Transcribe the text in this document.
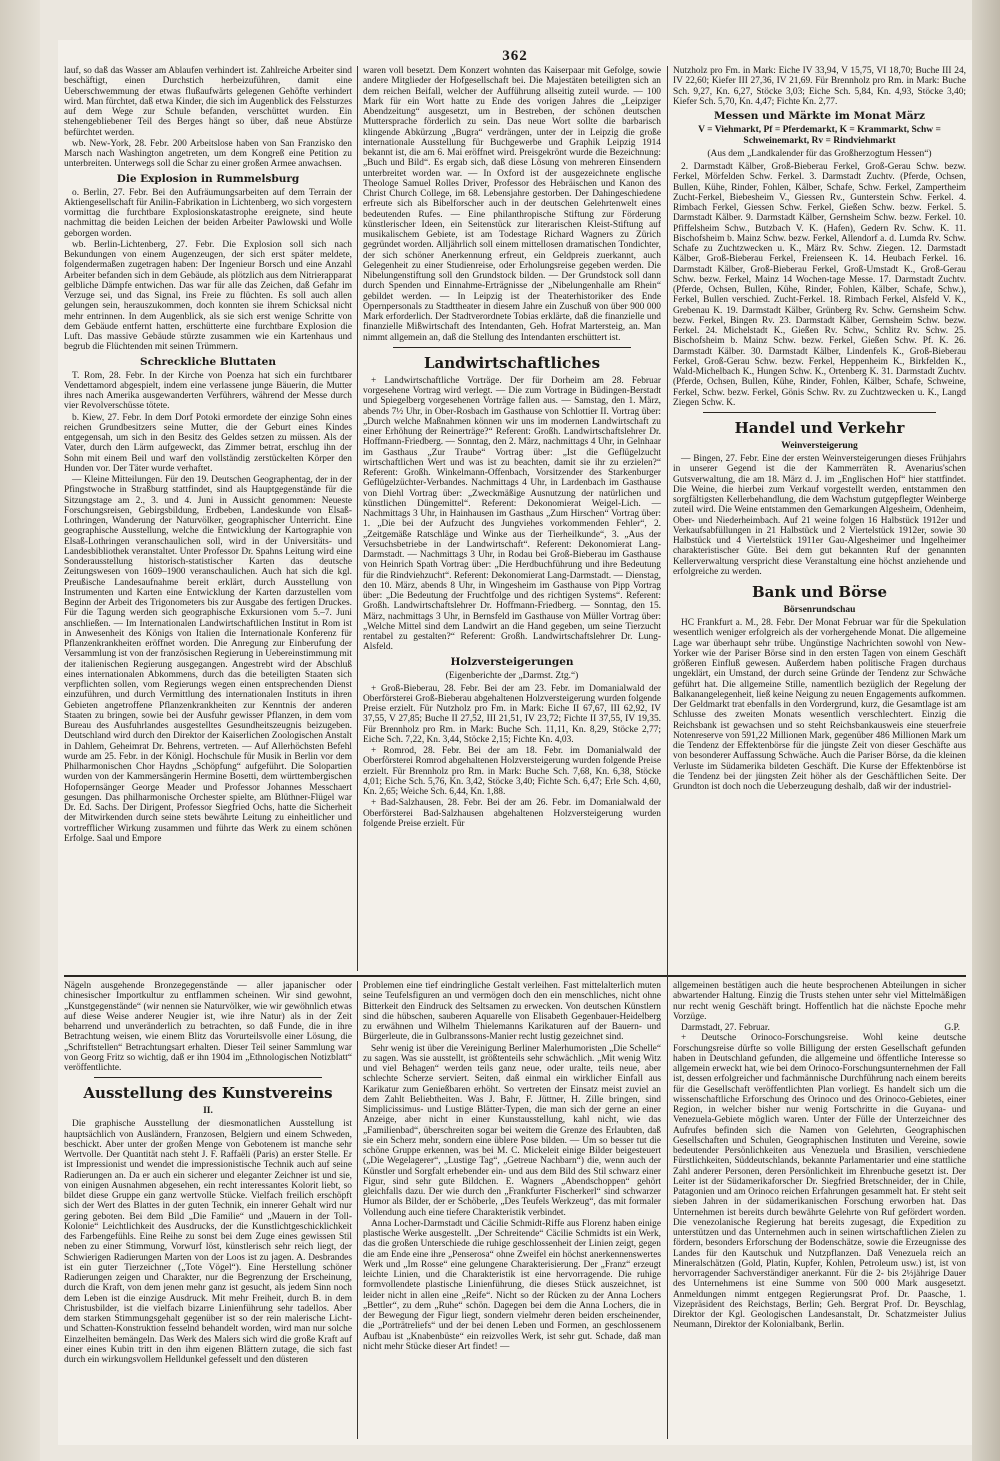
362

lauf, so daß das Wasser am Ablaufen verhindert ist. Zahlreiche Arbeiter sind beschäftigt, einen Durchstich herbeizuführen, damit eine Ueberschwemmung der etwas flußaufwärts gelegenen Gehöfte verhindert wird. Man fürchtet, daß etwa Kinder, die sich im Augenblick des Felssturzes auf dem Wege zur Schule befanden, verschüttet wurden. Ein stehengebliebener Teil des Berges hängt so über, daß neue Abstürze befürchtet werden.

wb. New-York, 28. Febr. 200 Arbeitslose haben von San Franzisko den Marsch nach Washington angetreten, um dem Kongreß eine Petition zu unterbreiten. Unterwegs soll die Schar zu einer großen Armee anwachsen.

Die Explosion in Rummelsburg

o. Berlin, 27. Febr. Bei den Aufräumungsarbeiten auf dem Terrain der Aktiengesellschaft für Anilin-Fabrikation in Lichtenberg, wo sich vorgestern vormittag die furchtbare Explosionskatastrophe ereignete, sind heute nachmittag die beiden Leichen der beiden Arbeiter Pawlowski und Wolle geborgen worden.

wb. Berlin-Lichtenberg, 27. Febr. Die Explosion soll sich nach Bekundungen von einem Augenzeugen, der sich erst später meldete, folgendermaßen zugetragen haben: Der Ingenieur Borsch und eine Anzahl Arbeiter befanden sich in dem Gebäude, als plötzlich aus dem Nitrierapparat gelbliche Dämpfe entwichen. Das war für alle das Zeichen, daß Gefahr im Verzuge sei, und das Signal, ins Freie zu flüchten. Es soll auch allen gelungen sein, herauszukommen, doch konnten sie ihrem Schicksal nicht mehr entrinnen. In dem Augenblick, als sie sich erst wenige Schritte von dem Gebäude entfernt hatten, erschütterte eine furchtbare Explosion die Luft. Das massive Gebäude stürzte zusammen wie ein Kartenhaus und begrub die Flüchtenden mit seinen Trümmern.

Schreckliche Bluttaten

T. Rom, 28. Febr. In der Kirche von Poenza hat sich ein furchtbarer Vendettamord abgespielt, indem eine verlassene junge Bäuerin, die Mutter ihres nach Amerika ausgewanderten Verführers, während der Messe durch vier Revolverschüsse tötete.

b. Kiew, 27. Febr. In dem Dorf Potoki ermordete der einzige Sohn eines reichen Grundbesitzers seine Mutter, die der Geburt eines Kindes entgegensah, um sich in den Besitz des Geldes setzen zu müssen. Als der Vater, durch den Lärm aufgeweckt, das Zimmer betrat, erschlug ihn der Sohn mit einem Beil und warf den vollständig zerstückelten Körper den Hunden vor. Der Täter wurde verhaftet.

— Kleine Mitteilungen. Für den 19. Deutschen Geographentag, der in der Pfingstwoche in Straßburg stattfindet, sind als Hauptgegenstände für die Sitzungstage am 2., 3. und 4. Juni in Aussicht genommen: Neueste Forschungsreisen, Gebirgsbildung, Erdbeben, Landeskunde von Elsaß-Lothringen, Wanderung der Naturvölker, geographischer Unterricht. Eine geographische Ausstellung, welche die Entwicklung der Kartographie von Elsaß-Lothringen veranschaulichen soll, wird in der Universitäts- und Landesbibliothek veranstaltet. Unter Professor Dr. Spahns Leitung wird eine Sonderausstellung historisch-statistischer Karten das deutsche Zeitungswesen von 1609–1900 veranschaulichen. Auch hat sich die kgl. Preußische Landesaufnahme bereit erklärt, durch Ausstellung von Instrumenten und Karten eine Entwicklung der Karten darzustellen vom Beginn der Arbeit des Trigonometers bis zur Ausgabe des fertigen Druckes. Für die Tagung werden sich geographische Exkursionen vom 5.–7. Juni anschließen. — Im Internationalen Landwirtschaftlichen Institut in Rom ist in Anwesenheit des Königs von Italien die Internationale Konferenz für Pflanzenkrankheiten eröffnet worden. Die Anregung zur Einberufung der Versammlung ist von der französischen Regierung in Uebereinstimmung mit der italienischen Regierung ausgegangen. Angestrebt wird der Abschluß eines internationalen Abkommens, durch das die beteiligten Staaten sich verpflichten sollen, vom Regierungs wegen einen entsprechenden Dienst einzuführen, und durch Vermittlung des internationalen Instituts in ihren Gebieten angetroffene Pflanzenkrankheiten zur Kenntnis der anderen Staaten zu bringen, sowie bei der Ausfuhr gewisser Pflanzen, in dem vom Bureau des Ausfuhrlandes ausgestelltes Gesundheitszeugnis beizugeben. Deutschland wird durch den Direktor der Kaiserlichen Zoologischen Anstalt in Dahlem, Geheimrat Dr. Behrens, vertreten. — Auf Allerhöchsten Befehl wurde am 25. Febr. in der Königl. Hochschule für Musik in Berlin vor dem Philharmonischen Chor Haydns „Schöpfung“ aufgeführt. Die Solopartien wurden von der Kammersängerin Hermine Bosetti, dem württembergischen Hofopernsänger George Meader und Professor Johannes Messchaert gesungen. Das philharmonische Orchester spielte, am Blüthner-Flügel war Dr. Ed. Sachs. Der Dirigent, Professor Siegfried Ochs, hatte die Sicherheit der Mitwirkenden durch seine stets bewährte Leitung zu einheitlicher und vortrefflicher Wirkung zusammen und führte das Werk zu einem schönen Erfolge. Saal und Empore

waren voll besetzt. Dem Konzert wohnten das Kaiserpaar mit Gefolge, sowie andere Mitglieder der Hofgesellschaft bei. Die Majestäten beteiligten sich an dem reichen Beifall, welcher der Aufführung allseitig zuteil wurde. — 100 Mark für ein Wort hatte zu Ende des vorigen Jahres die „Leipziger Abendzeitung“ ausgesetzt, um in Bestreben, der schönen deutschen Muttersprache förderlich zu sein. Das neue Wort sollte die barbarisch klingende Abkürzung „Bugra“ verdrängen, unter der in Leipzig die große internationale Ausstellung für Buchgewerbe und Graphik Leipzig 1914 bekannt ist, die am 6. Mai eröffnet wird. Preisgekrönt wurde die Bezeichnung: „Buch und Bild“. Es ergab sich, daß diese Lösung von mehreren Einsendern unterbreitet worden war. — In Oxford ist der ausgezeichnete englische Theologe Samuel Rolles Driver, Professor des Hebräischen und Kanon des Christ Church College, im 68. Lebensjahre gestorben. Der Dahingeschiedene erfreute sich als Bibelforscher auch in der deutschen Gelehrtenwelt eines bedeutenden Rufes. — Eine philanthropische Stiftung zur Förderung künstlerischer Ideen, ein Seitenstück zur literarischen Kleist-Stiftung auf musikalischem Gebiete, ist am Todestage Richard Wagners zu Zürich gegründet worden. Alljährlich soll einem mittellosen dramatischen Tondichter, der sich schöner Anerkennung erfreut, ein Geldpreis zuerkannt, auch Gelegenheit zu einer Studienreise, oder Erholungsreise gegeben werden. Die Nibelungenstiftung soll den Grundstock bilden. — Der Grundstock soll dann durch Spenden und Einnahme-Erträgnisse der „Nibelungenhalle am Rhein“ gebildet werden. — In Leipzig ist der Theaterhistoriker des Ende Opernpersonals zu Stadttheater in diesem Jahre ein Zuschuß von über 900 000 Mark erforderlich. Der Stadtverordnete Tobias erklärte, daß die finanzielle und finanzielle Mißwirtschaft des Intendanten, Geh. Hofrat Martersteig, an. Man nimmt allgemein an, daß die Stellung des Intendanten erschüttert ist.

Landwirtschaftliches

+ Landwirtschaftliche Vorträge. Der für Dorheim am 28. Februar vorgesehene Vortrag wird verlegt. — Die zum Vortrage in Büdingen-Berstadt und Spiegelberg vorgesehenen Vorträge fallen aus. — Samstag, den 1. März, abends 7½ Uhr, in Ober-Rosbach im Gasthause von Schlottier II. Vortrag über: „Durch welche Maßnahmen können wir uns im modernen Landwirtschaft zu einer Erhöhung der Reinerträge?“ Referent: Großh. Landwirtschaftslehrer Dr. Hoffmann-Friedberg. — Sonntag, den 2. März, nachmittags 4 Uhr, in Gelnhaar im Gasthaus „Zur Traube“ Vortrag über: „Ist die Geflügelzucht wirtschaftlichen Wert und was ist zu beachten, damit sie ihr zu erzielen?“ Referent: Großh. Winkelmann-Offenbach, Vorsitzender des Starkenburger Geflügelzüchter-Verbandes. Nachmittags 4 Uhr, in Lardenbach im Gasthause von Diehl Vortrag über: „Zweckmäßige Ausnutzung der natürlichen und künstlichen Düngemittel“. Referent: Dekonomierat Weigel-Lich. — Nachmittags 3 Uhr, in Hainhausen im Gasthaus „Zum Hirschen“ Vortrag über: 1. „Die bei der Aufzucht des Jungviehes vorkommenden Fehler“, 2. „Zeitgemäße Ratschläge und Winke aus der Tierheilkunde“, 3. „Aus der Versuchsbetriebe in der Landwirtschaft“. Referent: Dekonomierat Lang-Darmstadt. — Nachmittags 3 Uhr, in Rodau bei Groß-Bieberau im Gasthause von Heinrich Spath Vortrag über: „Die Herdbuchführung und ihre Bedeutung für die Rindviehzucht“. Referent: Dekonomierat Lang-Darmstadt. — Dienstag, den 10. März, abends 8 Uhr, in Wingesheim im Gasthause von Pipp Vortrag über: „Die Bedeutung der Fruchtfolge und des richtigen Systems“. Referent: Großh. Landwirtschaftslehrer Dr. Hoffmann-Friedberg. — Sonntag, den 15. März, nachmittags 3 Uhr, in Bernsfeld im Gasthause von Müller Vortrag über: „Welche Mittel sind dem Landwirt an die Hand gegeben, um seine Tierzucht rentabel zu gestalten?“ Referent: Großh. Landwirtschaftslehrer Dr. Lung-Alsfeld.

Holzversteigerungen
(Eigenberichte der „Darmst. Ztg.“)

+ Groß-Bieberau, 28. Febr. Bei der am 23. Febr. im Domanialwald der Oberförsterei Groß-Bieberau abgehaltenen Holzversteigerung wurden folgende Preise erzielt. Für Nutzholz pro Fm. in Mark: Eiche II 67,67, III 62,92, IV 37,55, V 27,85; Buche II 27,52, III 21,51, IV 23,72; Fichte II 37,55, IV 19,35. Für Brennholz pro Rm. in Mark: Buche Sch. 11,11, Kn. 8,29, Stöcke 2,77; Eiche Sch. 7,22, Kn. 3,44, Stöcke 2,15; Fichte Kn. 4,03.

+ Romrod, 28. Febr. Bei der am 18. Febr. im Domanialwald der Oberförsterei Romrod abgehaltenen Holzversteigerung wurden folgende Preise erzielt. Für Brennholz pro Rm. in Mark: Buche Sch. 7,68, Kn. 6,38, Stöcke 4,01; Eiche Sch. 5,76, Kn. 3,42, Stöcke 3,40; Fichte Sch. 6,47; Erle Sch. 4,60, Kn. 2,65; Weiche Sch. 6,44, Kn. 1,88.

+ Bad-Salzhausen, 28. Febr. Bei der am 26. Febr. im Domanialwald der Oberförsterei Bad-Salzhausen abgehaltenen Holzversteigerung wurden folgende Preise erzielt. Für

Nutzholz pro Fm. in Mark: Eiche IV 33,94, V 15,75, VI 18,70; Buche III 24, IV 22,60; Kiefer III 27,36, IV 21,69. Für Brennholz pro Rm. in Mark: Buche Sch. 9,27, Kn. 6,27, Stöcke 3,03; Eiche Sch. 5,84, Kn. 4,93, Stöcke 3,40; Kiefer Sch. 5,70, Kn. 4,47; Fichte Kn. 2,77.

Messen und Märkte im Monat März
V = Viehmarkt, Pf = Pferdemarkt, K = Krammarkt, Schw = Schweinemarkt, Rv = Rindviehmarkt
(Aus dem „Landkalender für das Großherzogtum Hessen“)

2. Darmstadt Kälber, Groß-Bieberau Ferkel, Groß-Gerau Schw. bezw. Ferkel, Mörfelden Schw. Ferkel. 3. Darmstadt Zuchtv. (Pferde, Ochsen, Bullen, Kühe, Rinder, Fohlen, Kälber, Schafe, Schw. Ferkel, Zampertheim Zucht-Ferkel, Biebesheim V., Giessen Rv., Gunterstein Schw. Ferkel. 4. Rimbach Ferkel, Giessen Schw. Ferkel, Gießen Schw. bezw. Ferkel. 5. Darmstadt Kälber. 9. Darmstadt Kälber, Gernsheim Schw. bezw. Ferkel. 10. Pfiffelsheim Schw., Butzbach V. K. (Hafen), Gedern Rv. Schw. K. 11. Bischofsheim b. Mainz Schw. bezw. Ferkel, Allendorf a. d. Lumda Rv. Schw. Schafe zu Zuchtzwecken u. K., März Rv. Schw. Ziegen. 12. Darmstadt Kälber, Groß-Bieberau Ferkel, Freienseen K. 14. Heubach Ferkel. 16. Darmstadt Kälber, Groß-Bieberau Ferkel, Groß-Umstadt K., Groß-Gerau Schw. bezw. Ferkel, Mainz 14 Wochen-tage Messe. 17. Darmstadt Zuchtv. (Pferde, Ochsen, Bullen, Kühe, Rinder, Fohlen, Kälber, Schafe, Schw.), Ferkel, Bullen verschied. Zucht-Ferkel. 18. Rimbach Ferkel, Alsfeld V. K., Grebenau K. 19. Darmstadt Kälber, Grünberg Rv. Schw. Gernsheim Schw. bezw. Ferkel, Bingen Rv. 23. Darmstadt Kälber, Gernsheim Schw. bezw. Ferkel. 24. Michelstadt K., Gießen Rv. Schw., Schlitz Rv. Schw. 25. Bischofsheim b. Mainz Schw. bezw. Ferkel, Gießen Schw. Pf. K. 26. Darmstadt Kälber. 30. Darmstadt Kälber, Lindenfels K., Groß-Bieberau Ferkel, Groß-Gerau Schw. bezw. Ferkel, Heppenheim K., Birkfelden K., Wald-Michelbach K., Hungen Schw. K., Ortenberg K. 31. Darmstadt Zuchtv. (Pferde, Ochsen, Bullen, Kühe, Rinder, Fohlen, Kälber, Schafe, Schweine, Ferkel, Schw. bezw. Ferkel, Gönis Schw. Rv. zu Zuchtzwecken u. K., Langd Ziegen Schw. K.

Handel und Verkehr
Weinversteigerung

— Bingen, 27. Febr. Eine der ersten Weinversteigerungen dieses Frühjahrs in unserer Gegend ist die der Kammerräten R. Avenarius'schen Gutsverwaltung, die am 18. März d. J. im „Englischen Hof“ hier stattfindet. Die Weine, die hierbei zum Verkauf vorgestellt werden, entstammen den sorgfältigsten Kellerbehandlung, die dem Wachstum gutgepflegter Weinberge zuteil wird. Die Weine entstammen den Gemarkungen Algesheim, Odenheim, Ober- und Niederheimbach. Auf 21 weine folgen 16 Halbstück 1912er und Verkaufsabfüllungen in 21 Halbstück und 2 Viertelstück 1912er, sowie 30 Halbstück und 4 Viertelstück 1911er Gau-Algesheimer und Ingelheimer charakteristischer Güte. Bei dem gut bekannten Ruf der genannten Kellerverwaltung verspricht diese Veranstaltung eine höchst anziehende und erfolgreiche zu werden.

Bank und Börse
Börsenrundschau

HC Frankfurt a. M., 28. Febr. Der Monat Februar war für die Spekulation wesentlich weniger erfolgreich als der vorhergehende Monat. Die allgemeine Lage war überhaupt sehr trübe. Ungünstige Nachrichten sowohl von New-Yorker wie der Pariser Börse sind in den ersten Tagen von einem Geschäft größeren Einfluß gewesen. Außerdem haben politische Fragen durchaus ungeklärt, ein Umstand, der durch seine Gründe der Tendenz zur Schwäche geführt hat. Die allgemeine Stille, namentlich bezüglich der Regelung der Balkanangelegenheit, ließ keine Neigung zu neuen Engagements aufkommen. Der Geldmarkt trat ebenfalls in den Vordergrund, kurz, die Gesamtlage ist am Schlusse des zweiten Monats wesentlich verschlechtert. Einzig die Reichsbank ist gewachsen und so steht Reichsbankausweis eine steuerfreie Notenreserve von 591,22 Millionen Mark, gegenüber 486 Millionen Mark um die Tendenz der Effektenbörse für die jüngste Zeit von dieser Geschäfte aus von besonderer Auffassung Schwäche. Auch die Pariser Börse, da die kleinen Verluste im Südamerika bildeten Geschäft. Die Kurse der Effektenbörse ist die Tendenz bei der jüngsten Zeit höher als der Geschäftlichen Seite. Der Grundton ist doch noch die Ueberzeugung deshalb, daß wir der industriel-

Nägeln ausgehende Bronzegegenstände — aller japanischer oder chinesischer Importkultur zu entflammen scheinen. Wir sind gewohnt, „Kunstgegenstände“ (wir nennen sie Naturvölker, wie wir gewöhnlich etwas auf diese Weise anderer Neugier ist, wie ihre Natur) als in der Zeit beharrend und unveränderlich zu betrachten, so daß Funde, die in ihre Betrachtung weisen, wie einem Blitz das Vorurteilsvolle einer Lösung, die „Schriftstellen“ Betrachtungsart erhalten. Dieser Teil seiner Sammlung war von Georg Fritz so wichtig, daß er ihn 1904 im „Ethnologischen Notizblatt“ veröffentlichte.

Ausstellung des Kunstvereins
II.

Die graphische Ausstellung der diesmonatlichen Ausstellung ist hauptsächlich von Ausländern, Franzosen, Belgiern und einem Schweden, beschickt. Aber unter der großen Menge von Gebotenem ist manche sehr Wertvolle. Der Quantität nach steht J. F. Raffaëli (Paris) an erster Stelle. Er ist Impressionist und wendet die impressionistische Technik auch auf seine Radierungen an. Da er auch ein sicherer und eleganter Zeichner ist und sie, von einigen Ausnahmen abgesehen, ein recht interessantes Kolorit liebt, so bildet diese Gruppe ein ganz wertvolle Stücke. Vielfach freilich erschöpft sich der Wert des Blattes in der guten Technik, ein innerer Gehalt wird nur gering geboten. Bei dem Bild „Die Familie“ und „Mauern in der Toll-Kolonie“ Leichtlichkeit des Ausdrucks, der die Kunstlichtgeschicklichkeit des Farbengefühls. Eine Reihe zu sonst bei dem Zuge eines gewissen Stil neben zu einer Stimmung, Vorwurf löst, künstlerisch sehr reich liegt, der Schwierigen Radierungen Marten von der Loos ist zu jagen. A. Desbrandes ist ein guter Tierzeichner („Tote Vögel“). Eine Herstellung schöner Radierungen zeigen und Charakter, nur die Begrenzung der Erscheinung, durch die Kraft, von dem jenen mehr ganz ist gesucht, als jedem Sinn noch dem Leben ist die einzige Ausdruck. Mit mehr Freiheit, durch B. in dem Christusbilder, ist die vielfach bizarre Linienführung sehr tadellos. Aber dem starken Stimmungsgehalt gegenüber ist so der rein malerische Licht- und Schatten-Konstruktion fesselnd behandelt worden, wird man nur solche Einzelheiten bemängeln. Das Werk des Malers sich wird die große Kraft auf einer eines Kubin tritt in den ihm eigenen Blättern zutage, die sich fast durch ein wirkungsvollem Helldunkel gefesselt und den düsteren

Problemen eine tief eindringliche Gestalt verleihen. Fast mittelalterlich muten seine Teufelsfiguren an und vermögen doch den ein menschliches, nicht ohne Bitterkeit den Eindruck des Seltsamen zu erwecken. Von deutschen Künstlern sind die hübschen, sauberen Aquarelle von Elisabeth Gegenbauer-Heidelberg zu erwähnen und Wilhelm Thielemanns Karikaturen auf der Bauern- und Bürgerleute, die in Gulbranssons-Manier recht lustig gezeichnet sind.

Sehr wenig ist über die Vereinigung Berliner Malerhumoristen „Die Schelle“ zu sagen. Was sie ausstellt, ist größtenteils sehr schwächlich. „Mit wenig Witz und viel Behagen“ werden teils ganz neue, oder uralte, teils neue, aber schlechte Scherze serviert. Seiten, daß einmal ein wirklicher Einfall aus Karikatur zum Genießbaren erhöht. So vertreten der Einsatz meist zuviel an dem Zahlt Beliebtheiten. Was J. Bahr, F. Jüttner, H. Zille bringen, sind Simplicissimus- und Lustige Blätter-Typen, die man sich der gerne an einer Anzeige, aber nicht in einer Kunstausstellung, kahl nicht, wie das „Familienbad“, überschreiten sogar bei weitem die Grenze des Erlaubten, daß sie ein Scherz mehr, sondern eine üblere Pose bilden. — Um so besser tut die schöne Gruppe erkennen, was bei M. C. Mickeleit einige Bilder beigesteuert („Die Wegelagerer“, „Lustige Tag“, „Getreue Nachbarn“) die, wenn auch der Künstler und Sorgfalt erhebender ein- und aus dem Bild des Stil schwarz einer Figur, sind sehr gute Bildchen. E. Wagners „Abendschoppen“ gehört gleichfalls dazu. Der wie durch den „Frankfurter Fischerkerl“ sind schwarzer Humor als Bilder, der er Schöberle, „Des Teufels Werkzeug“, das mit formaler Vollendung auch eine tiefere Charakteristik verbindet.

Anna Locher-Darmstadt und Cäcilie Schmidt-Riffe aus Florenz haben einige plastische Werke ausgestellt. „Der Schreitende“ Cäcilie Schmidts ist ein Werk, das die großen Unterschiede die ruhige geschlossenheit der Linien zeigt, gegen die am Ende eine ihre „Penserosa“ ohne Zweifel ein höchst anerkennenswertes Werk und „Im Rosse“ eine gelungene Charakterisierung. Der „Franz“ erzeugt leichte Linien, und die Charakteristik ist eine hervorragende. Die ruhige formvollendete plastische Linienführung, die dieses Stück auszeichnet, ist leider nicht in allen eine „Reife“. Nicht so der Rücken zu der Anna Lochers „Bettler“, zu dem „Ruhe“ schön. Dagegen bei dem die Anna Lochers, die in der Bewegung der Figur liegt, sondern vielmehr deren beiden erscheinender, die „Porträtreliefs“ und der bei denen Leben und Formen, an geschlossenem Aufbau ist „Knabenbüste“ ein reizvolles Werk, ist sehr gut. Schade, daß man nicht mehr Stücke dieser Art findet! —

allgemeinen bestätigen auch die heute besprochenen Abteilungen in sicher abwartender Haltung. Einzig die Trusts stehen unter sehr viel Mittelmäßigen nur recht wenig Geschäft bringt. Hoffentlich hat die nächste Epoche mehr Vorzüge.

Darmstadt, 27. Februar.	G.P.

+ Deutsche Orinoco-Forschungsreise. Wohl keine deutsche Forschungsreise dürfte so volle Billigung der ersten Gesellschaft gefunden haben in Deutschland gefunden, die allgemeine und öffentliche Interesse so allgemein erweckt hat, wie bei dem Orinoco-Forschungsunternehmen der Fall ist, dessen erfolgreicher und fachmännische Durchführung nach einem bereits für die Gesellschaft veröffentlichten Plan vorliegt. Es handelt sich um die wissenschaftliche Erforschung des Orinoco und des Orinoco-Gebietes, einer Region, in welcher bisher nur wenig Fortschritte in die Guyana- und Venezuela-Gebiete möglich waren. Unter der Fülle der Unterzeichner des Aufrufes befinden sich die Namen von Gelehrten, Geographischen Gesellschaften und Schulen, Geographischen Instituten und Vereine, sowie bedeutender Persönlichkeiten aus Venezuela und Brasilien, verschiedene Fürstlichkeiten, Süddeutschlands, bekannte Parlamentarier und eine stattliche Zahl anderer Personen, deren Persönlichkeit im Ehrenbuche gesetzt ist. Der Leiter ist der Südamerikaforscher Dr. Siegfried Bretschneider, der in Chile, Patagonien und am Orinoco reichen Erfahrungen gesammelt hat. Er steht seit sieben Jahren in der südamerikanischen Forschung erworben hat. Das Unternehmen ist bereits durch bewährte Gelehrte von Ruf gefördert worden. Die venezolanische Regierung hat bereits zugesagt, die Expedition zu unterstützen und das Unternehmen auch in seinen wirtschaftlichen Zielen zu fördern, besonders Erforschung der Bodenschätze, sowie die Erzeugnisse des Landes für den Kautschuk und Nutzpflanzen. Daß Venezuela reich an Mineralschätzen (Gold, Platin, Kupfer, Kohlen, Petroleum usw.) ist, ist von hervorragender Sachverständiger anerkannt. Für die 2- bis 2½jährige Dauer des Unternehmens ist eine Summe von 500 000 Mark ausgesetzt. Anmeldungen nimmt entgegen Regierungsrat Prof. Dr. Paasche, 1. Vizepräsident des Reichstags, Berlin; Geh. Bergrat Prof. Dr. Beyschlag, Direktor der Kgl. Geologischen Landesanstalt, Dr. Schatzmeister Julius Neumann, Direktor der Kolonialbank, Berlin.
